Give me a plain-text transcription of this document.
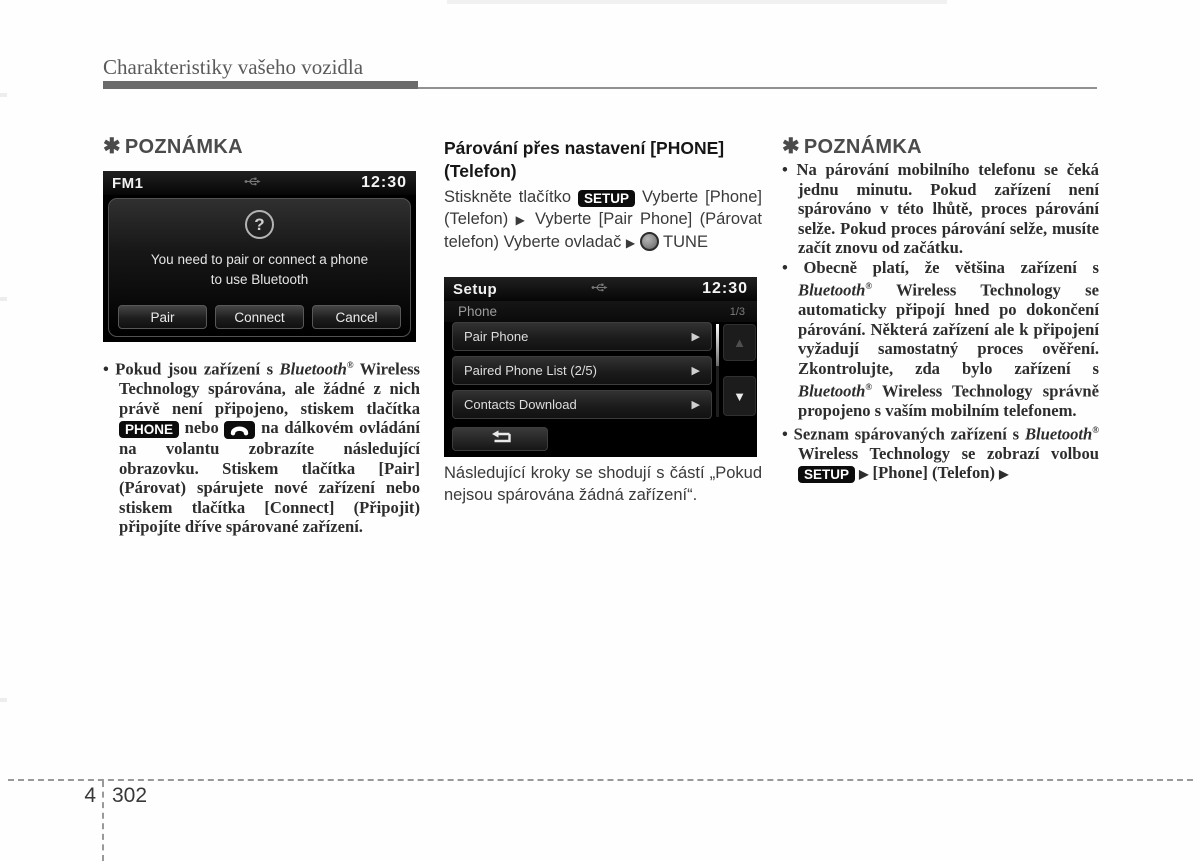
Charakteristiky vašeho vozidla
✱ POZNÁMKA
FM1	12:30
?
You need to pair or connect a phone
to use Bluetooth
Pair	Connect	Cancel

• Pokud jsou zařízení s Bluetooth® Wireless Technology spárována, ale žádné z nich právě není připojeno, stiskem tlačítka PHONE nebo  na dálkovém ovládání na volantu zobrazíte následující obrazovku. Stiskem tlačítka [Pair] (Párovat) spárujete nové zařízení nebo stiskem tlačítka [Connect] (Připojit) připojíte dříve spárované zařízení.

Párování přes nastavení [PHONE] (Telefon)

Stiskněte tlačítko SETUP Vyberte [Phone] (Telefon) ▶ Vyberte [Pair Phone] (Párovat telefon) Vyberte ovladač ▶  TUNE

Setup	12:30
Phone	1/3
Pair Phone	▶
Paired Phone List (2/5)	▶
Contacts Download	▶
▲
▼

Následující kroky se shodují s částí „Pokud nejsou spárována žádná zařízení“.

✱ POZNÁMKA

• Na párování mobilního telefonu se čeká jednu minutu. Pokud zařízení není spárováno v této lhůtě, proces párování selže. Pokud proces párování selže, musíte začít znovu od začátku.

• Obecně platí, že většina zařízení s Bluetooth® Wireless Technology se automaticky připojí hned po dokončení párování. Některá zařízení ale k připojení vyžadují samostatný proces ověření. Zkontrolujte, zda bylo zařízení s Bluetooth® Wireless Technology správně propojeno s vaším mobilním telefonem.

• Seznam spárovaných zařízení s Bluetooth® Wireless Technology se zobrazí volbou SETUP ▶ [Phone] (Telefon) ▶

4 302
